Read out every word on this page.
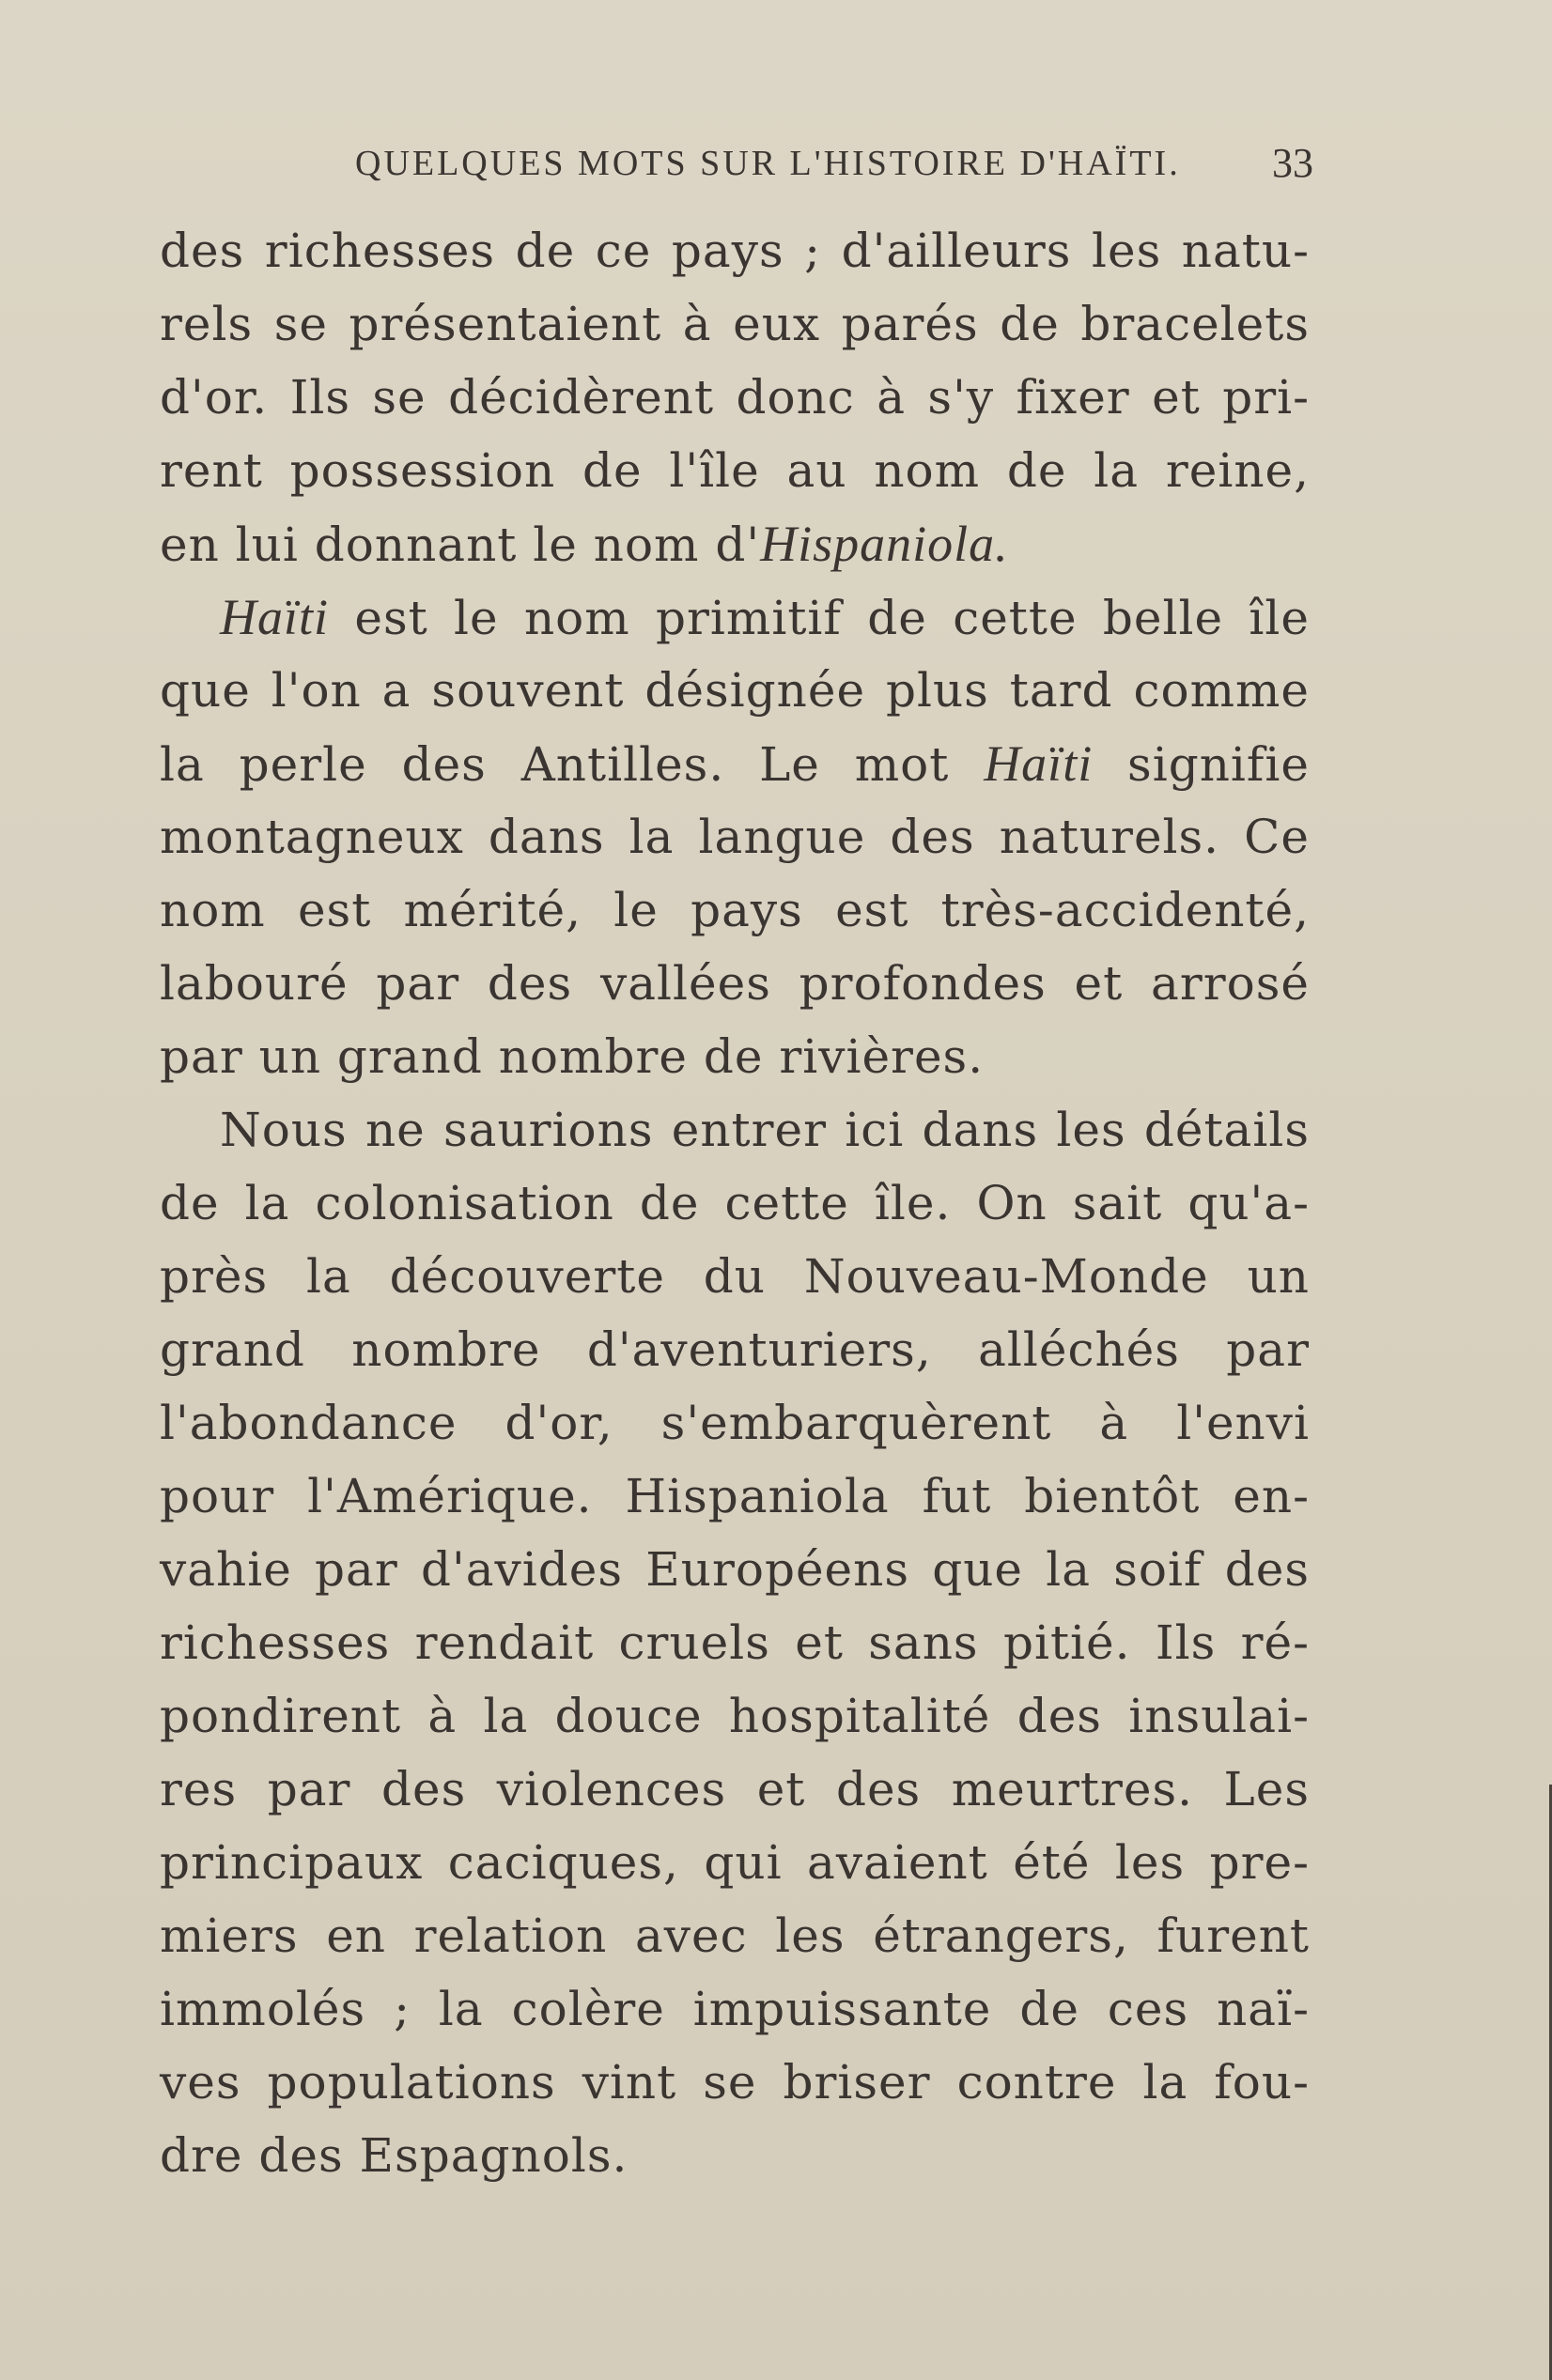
QUELQUES MOTS SUR L'HISTOIRE D'HAÏTI. 33
des richesses de ce pays ; d'ailleurs les natu-
rels se présentaient à eux parés de bracelets
d'or. Ils se décidèrent donc à s'y fixer et pri-
rent possession de l'île au nom de la reine,
en lui donnant le nom d'Hispaniola.
Haïti est le nom primitif de cette belle île
que l'on a souvent désignée plus tard comme
la perle des Antilles. Le mot Haïti signifie
montagneux dans la langue des naturels. Ce
nom est mérité, le pays est très-accidenté,
labouré par des vallées profondes et arrosé
par un grand nombre de rivières.
Nous ne saurions entrer ici dans les détails
de la colonisation de cette île. On sait qu'a-
près la découverte du Nouveau-Monde un
grand nombre d'aventuriers, alléchés par
l'abondance d'or, s'embarquèrent à l'envi
pour l'Amérique. Hispaniola fut bientôt en-
vahie par d'avides Européens que la soif des
richesses rendait cruels et sans pitié. Ils ré-
pondirent à la douce hospitalité des insulai-
res par des violences et des meurtres. Les
principaux caciques, qui avaient été les pre-
miers en relation avec les étrangers, furent
immolés ; la colère impuissante de ces naï-
ves populations vint se briser contre la fou-
dre des Espagnols.
